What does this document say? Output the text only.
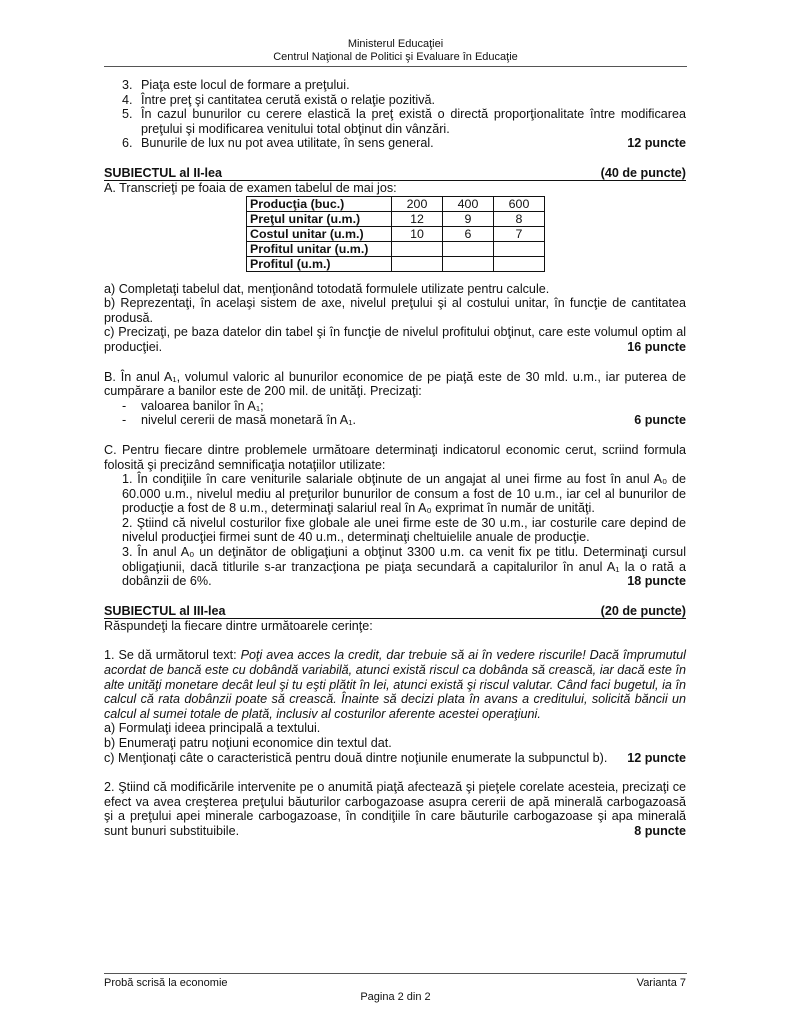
Ministerul Educaţiei
Centrul Naţional de Politici şi Evaluare în Educaţie
3. Piaţa este locul de formare a preţului.
4. Între preţ şi cantitatea cerută există o relaţie pozitivă.
5. În cazul bunurilor cu cerere elastică la preţ există o directă proporţionalitate între modificarea preţului şi modificarea venitului total obţinut din vânzări.
6. Bunurile de lux nu pot avea utilitate, în sens general.	12 puncte
SUBIECTUL al II-lea	(40 de puncte)
A. Transcrieţi pe foaia de examen tabelul de mai jos:
Producţia (buc.)	200	400	600
Preţul unitar (u.m.)	12	9	8
Costul unitar (u.m.)	10	6	7
Profitul unitar (u.m.)			
Profitul (u.m.)			
a) Completaţi tabelul dat, menţionând totodată formulele utilizate pentru calcule.
b) Reprezentaţi, în acelaşi sistem de axe, nivelul preţului şi al costului unitar, în funcţie de cantitatea produsă.
c) Precizaţi, pe baza datelor din tabel şi în funcţie de nivelul profitului obţinut, care este volumul optim al producţiei.	16 puncte
B. În anul A₁, volumul valoric al bunurilor economice de pe piaţă este de 30 mld. u.m., iar puterea de cumpărare a banilor este de 200 mil. de unităţi. Precizaţi:
-	valoarea banilor în A₁;
-	nivelul cererii de masă monetară în A₁.	6 puncte
C. Pentru fiecare dintre problemele următoare determinaţi indicatorul economic cerut, scriind formula folosită şi precizând semnificaţia notaţiilor utilizate:
1. În condiţiile în care veniturile salariale obţinute de un angajat al unei firme au fost în anul A₀ de 60.000 u.m., nivelul mediu al preţurilor bunurilor de consum a fost de 10 u.m., iar cel al bunurilor de producţie a fost de 8 u.m., determinaţi salariul real în A₀ exprimat în număr de unităţi.
2. Ştiind că nivelul costurilor fixe globale ale unei firme este de 30 u.m., iar costurile care depind de nivelul producţiei firmei sunt de 40 u.m., determinaţi cheltuielile anuale de producţie.
3. În anul A₀ un deţinător de obligaţiuni a obţinut 3300 u.m. ca venit fix pe titlu. Determinaţi cursul obligaţiunii, dacă titlurile s-ar tranzacţiona pe piaţa secundară a capitalurilor în anul A₁ la o rată a dobânzii de 6%.	18 puncte
SUBIECTUL al III-lea	(20 de puncte)
Răspundeţi la fiecare dintre următoarele cerinţe:
1. Se dă următorul text: Poţi avea acces la credit, dar trebuie să ai în vedere riscurile! Dacă împrumutul acordat de bancă este cu dobândă variabilă, atunci există riscul ca dobânda să crească, iar dacă este în alte unităţi monetare decât leul şi tu eşti plătit în lei, atunci există şi riscul valutar. Când faci bugetul, ia în calcul că rata dobânzii poate să crească. Înainte să decizi plata în avans a creditului, solicită băncii un calcul al sumei totale de plată, inclusiv al costurilor aferente acestei operaţiuni.
a) Formulaţi ideea principală a textului.
b) Enumeraţi patru noţiuni economice din textul dat.
c) Menţionaţi câte o caracteristică pentru două dintre noţiunile enumerate la subpunctul b).	12 puncte
2. Ştiind că modificările intervenite pe o anumită piaţă afectează şi pieţele corelate acesteia, precizaţi ce efect va avea creşterea preţului băuturilor carbogazoase asupra cererii de apă minerală carbogazoasă şi a preţului apei minerale carbogazoase, în condiţiile în care băuturile carbogazoase şi apa minerală sunt bunuri substituibile.	8 puncte
Probă scrisă la economie	Varianta 7
Pagina 2 din 2
